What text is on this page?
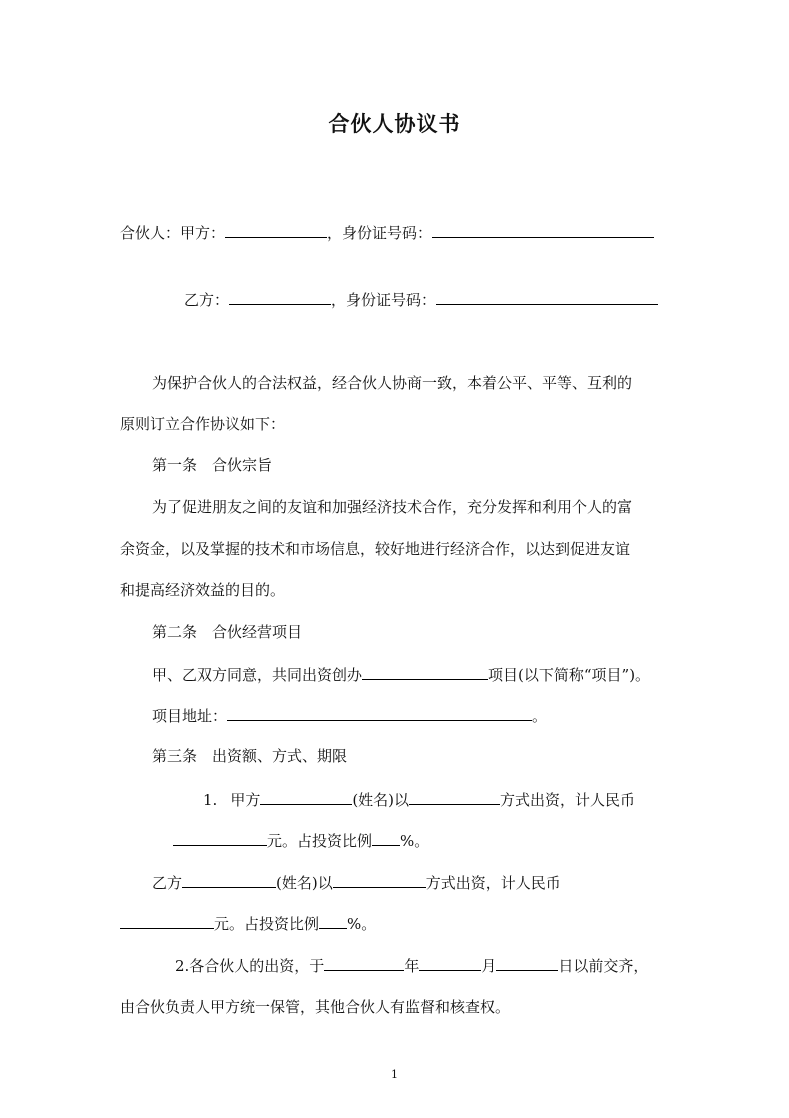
合伙人协议书
合伙人：甲方：	，身份证号码：
乙方：	，身份证号码：
为保护合伙人的合法权益，经合伙人协商一致，本着公平、平等、互利的
原则订立合作协议如下：
第一条　合伙宗旨
为了促进朋友之间的友谊和加强经济技术合作，充分发挥和利用个人的富
余资金，以及掌握的技术和市场信息，较好地进行经济合作，以达到促进友谊
和提高经济效益的目的。
第二条　合伙经营项目
甲、乙双方同意，共同出资创办	项目(以下简称“项目”)。
项目地址：	。
第三条　出资额、方式、期限
1. 甲方	(姓名)以	方式出资，计人民币
元。占投资比例 %。
乙方	(姓名)以	方式出资，计人民币
元。占投资比例 %。
2.各合伙人的出资，于	年	月	日以前交齐，
由合伙负责人甲方统一保管，其他合伙人有监督和核查权。
1
